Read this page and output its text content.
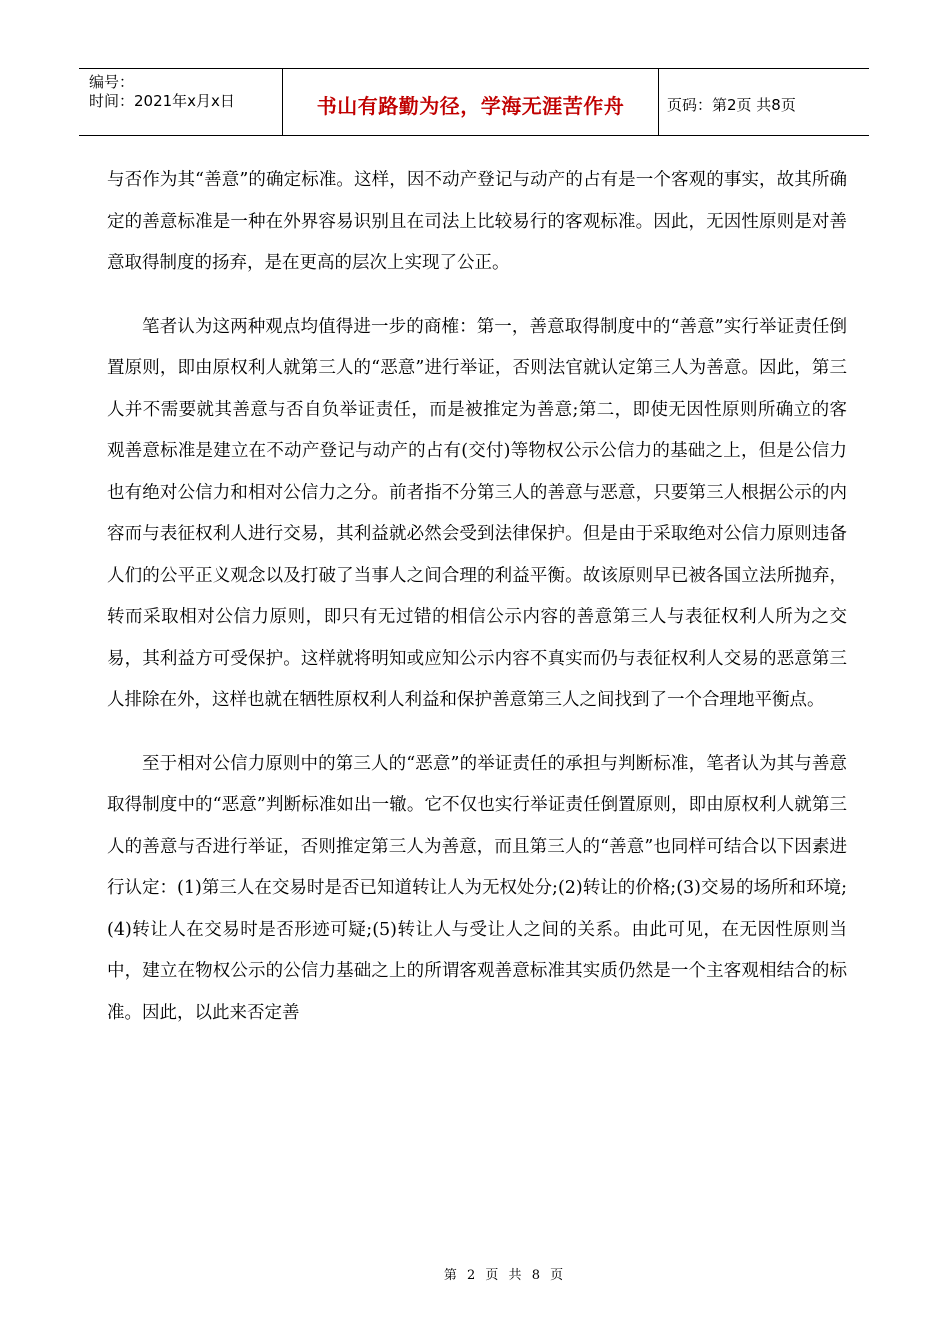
编号：
时间：2021年x月x日	书山有路勤为径，学海无涯苦作舟	页码：第2页 共8页

与否作为其“善意”的确定标准。这样，因不动产登记与动产的占有是一个客观的事实，故其所确定的善意标准是一种在外界容易识别且在司法上比较易行的客观标准。因此，无因性原则是对善意取得制度的扬弃，是在更高的层次上实现了公正。

笔者认为这两种观点均值得进一步的商榷：第一，善意取得制度中的“善意”实行举证责任倒置原则，即由原权利人就第三人的“恶意”进行举证，否则法官就认定第三人为善意。因此，第三人并不需要就其善意与否自负举证责任，而是被推定为善意;第二，即使无因性原则所确立的客观善意标准是建立在不动产登记与动产的占有(交付)等物权公示公信力的基础之上，但是公信力也有绝对公信力和相对公信力之分。前者指不分第三人的善意与恶意，只要第三人根据公示的内容而与表征权利人进行交易，其利益就必然会受到法律保护。但是由于采取绝对公信力原则违备人们的公平正义观念以及打破了当事人之间合理的利益平衡。故该原则早已被各国立法所抛弃，转而采取相对公信力原则，即只有无过错的相信公示内容的善意第三人与表征权利人所为之交易，其利益方可受保护。这样就将明知或应知公示内容不真实而仍与表征权利人交易的恶意第三人排除在外，这样也就在牺牲原权利人利益和保护善意第三人之间找到了一个合理地平衡点。

至于相对公信力原则中的第三人的“恶意”的举证责任的承担与判断标准，笔者认为其与善意取得制度中的“恶意”判断标准如出一辙。它不仅也实行举证责任倒置原则，即由原权利人就第三人的善意与否进行举证，否则推定第三人为善意，而且第三人的“善意”也同样可结合以下因素进行认定：(1)第三人在交易时是否已知道转让人为无权处分;(2)转让的价格;(3)交易的场所和环境;(4)转让人在交易时是否形迹可疑;(5)转让人与受让人之间的关系。由此可见，在无因性原则当中，建立在物权公示的公信力基础之上的所谓客观善意标准其实质仍然是一个主客观相结合的标准。因此，以此来否定善

第 2 页 共 8 页
